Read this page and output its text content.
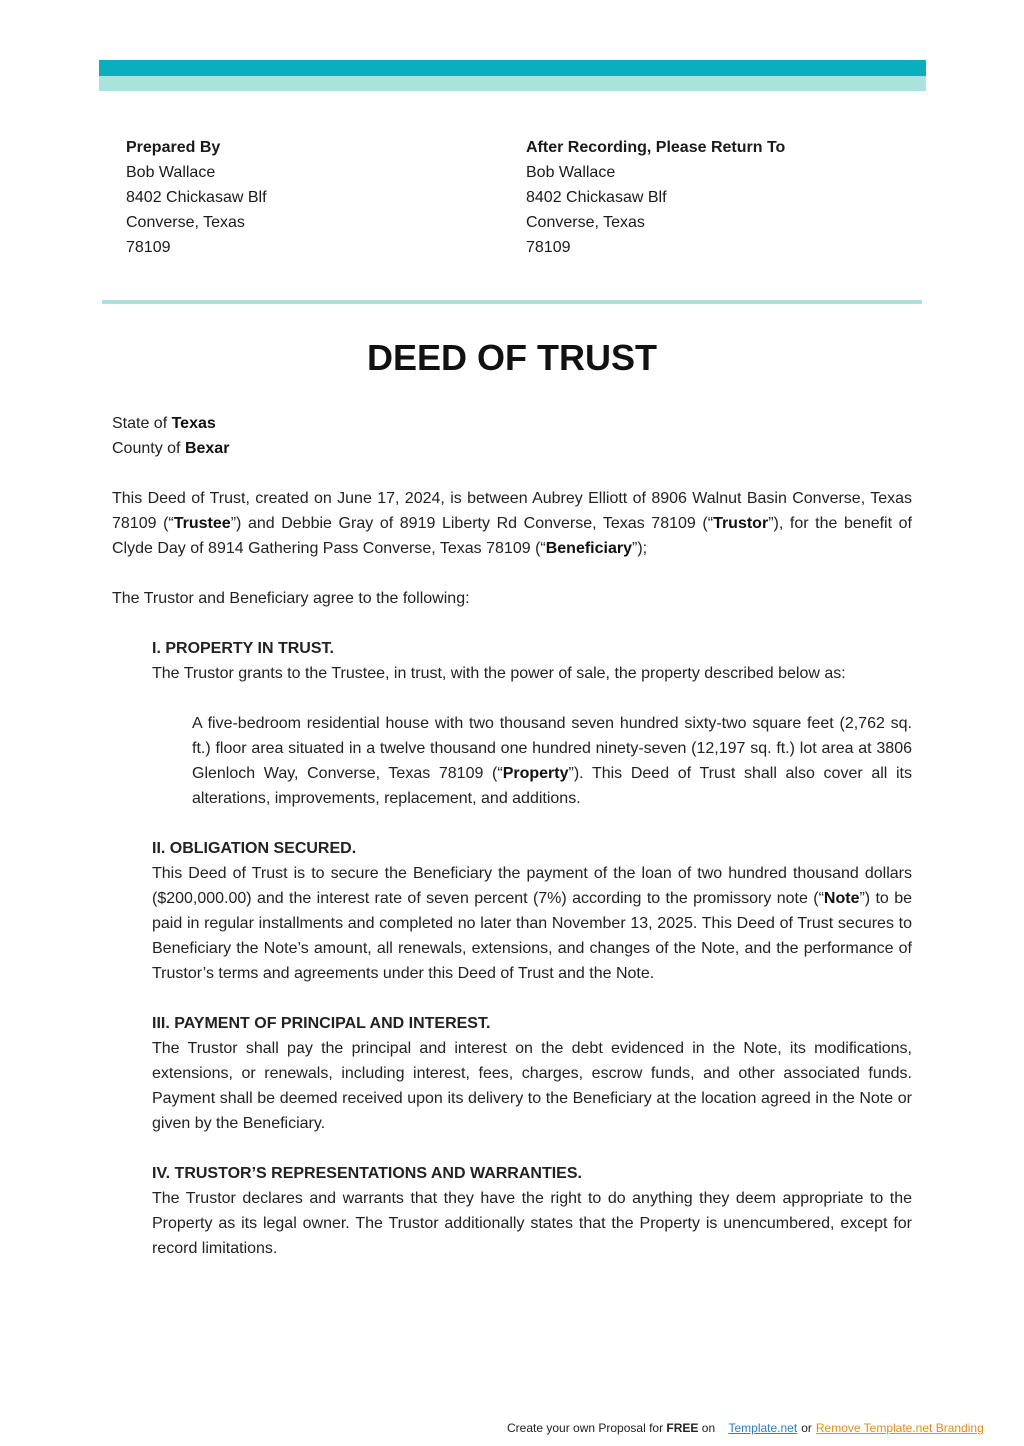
Prepared By
Bob Wallace
8402 Chickasaw Blf
Converse, Texas
78109
After Recording, Please Return To
Bob Wallace
8402 Chickasaw Blf
Converse, Texas
78109
DEED OF TRUST

State of Texas

County of Bexar

This Deed of Trust, created on June 17, 2024, is between Aubrey Elliott of 8906 Walnut Basin Converse, Texas 78109 (“Trustee”) and Debbie Gray of 8919 Liberty Rd Converse, Texas 78109 (“Trustor”), for the benefit of Clyde Day of 8914 Gathering Pass Converse, Texas 78109 (“Beneficiary”);

The Trustor and Beneficiary agree to the following:

I. PROPERTY IN TRUST.

The Trustor grants to the Trustee, in trust, with the power of sale, the property described below as:

A five-bedroom residential house with two thousand seven hundred sixty-two square feet (2,762 sq. ft.) floor area situated in a twelve thousand one hundred ninety-seven (12,197 sq. ft.) lot area at 3806 Glenloch Way, Converse, Texas 78109 (“Property”). This Deed of Trust shall also cover all its alterations, improvements, replacement, and additions.

II. OBLIGATION SECURED.

This Deed of Trust is to secure the Beneficiary the payment of the loan of two hundred thousand dollars ($200,000.00) and the interest rate of seven percent (7%) according to the promissory note (“Note”) to be paid in regular installments and completed no later than November 13, 2025. This Deed of Trust secures to Beneficiary the Note’s amount, all renewals, extensions, and changes of the Note, and the performance of Trustor’s terms and agreements under this Deed of Trust and the Note.

III. PAYMENT OF PRINCIPAL AND INTEREST.

The Trustor shall pay the principal and interest on the debt evidenced in the Note, its modifications, extensions, or renewals, including interest, fees, charges, escrow funds, and other associated funds. Payment shall be deemed received upon its delivery to the Beneficiary at the location agreed in the Note or given by the Beneficiary.

IV. TRUSTOR’S REPRESENTATIONS AND WARRANTIES.

The Trustor declares and warrants that they have the right to do anything they deem appropriate to the Property as its legal owner. The Trustor additionally states that the Property is unencumbered, except for record limitations.

Create your own Proposal for FREE on Template.net or Remove Template.net Branding
